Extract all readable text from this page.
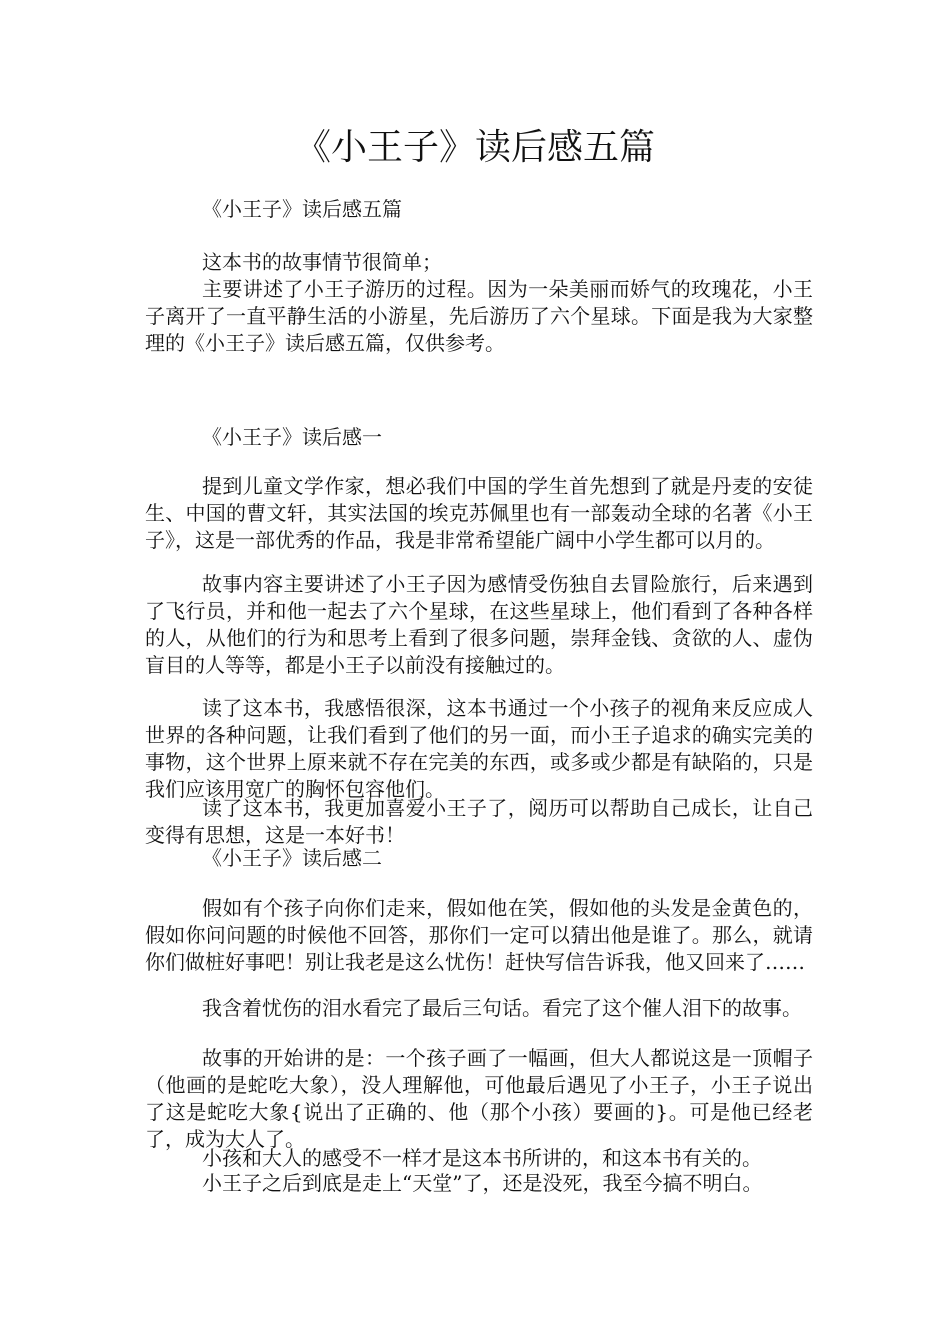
《小王子》读后感五篇

《小王子》读后感五篇

这本书的故事情节很简单；

主要讲述了小王子游历的过程。因为一朵美丽而娇气的玫瑰花，小王子离开了一直平静生活的小游星，先后游历了六个星球。下面是我为大家整理的《小王子》读后感五篇，仅供参考。

《小王子》读后感一

提到儿童文学作家，想必我们中国的学生首先想到了就是丹麦的安徒生、中国的曹文轩，其实法国的埃克苏佩里也有一部轰动全球的名著《小王子》，这是一部优秀的作品，我是非常希望能广阔中小学生都可以月的。

故事内容主要讲述了小王子因为感情受伤独自去冒险旅行，后来遇到了飞行员，并和他一起去了六个星球，在这些星球上，他们看到了各种各样的人，从他们的行为和思考上看到了很多问题，崇拜金钱、贪欲的人、虚伪盲目的人等等，都是小王子以前没有接触过的。

读了这本书，我感悟很深，这本书通过一个小孩子的视角来反应成人世界的各种问题，让我们看到了他们的另一面，而小王子追求的确实完美的事物，这个世界上原来就不存在完美的东西，或多或少都是有缺陷的，只是我们应该用宽广的胸怀包容他们。

读了这本书，我更加喜爱小王子了，阅历可以帮助自己成长，让自己变得有思想，这是一本好书！

《小王子》读后感二

假如有个孩子向你们走来，假如他在笑，假如他的头发是金黄色的，假如你问问题的时候他不回答，那你们一定可以猜出他是谁了。那么，就请你们做桩好事吧！别让我老是这么忧伤！赶快写信告诉我，他又回来了……

我含着忧伤的泪水看完了最后三句话。看完了这个催人泪下的故事。

故事的开始讲的是：一个孩子画了一幅画，但大人都说这是一顶帽子（他画的是蛇吃大象），没人理解他，可他最后遇见了小王子，小王子说出了这是蛇吃大象{说出了正确的、他（那个小孩）要画的}。可是他已经老了，成为大人了。

小孩和大人的感受不一样才是这本书所讲的，和这本书有关的。

小王子之后到底是走上“天堂”了，还是没死，我至今搞不明白。
